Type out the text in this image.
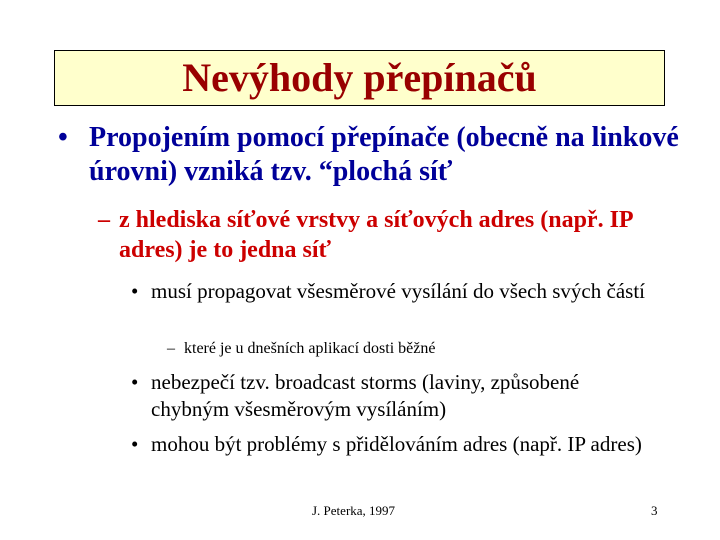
Nevýhody přepínačů
• Propojením pomocí přepínače (obecně na linkové úrovni) vzniká tzv. “plochá síť
– z hlediska síťové vrstvy a síťových adres (např. IP adres) je to jedna síť
• musí propagovat všesměrové vysílání do všech svých částí
– které je u dnešních aplikací dosti běžné
• nebezpečí tzv. broadcast storms (laviny, způsobené chybným všesměrovým vysíláním)
• mohou být problémy s přidělováním adres (např. IP adres)
J. Peterka, 1997	3
